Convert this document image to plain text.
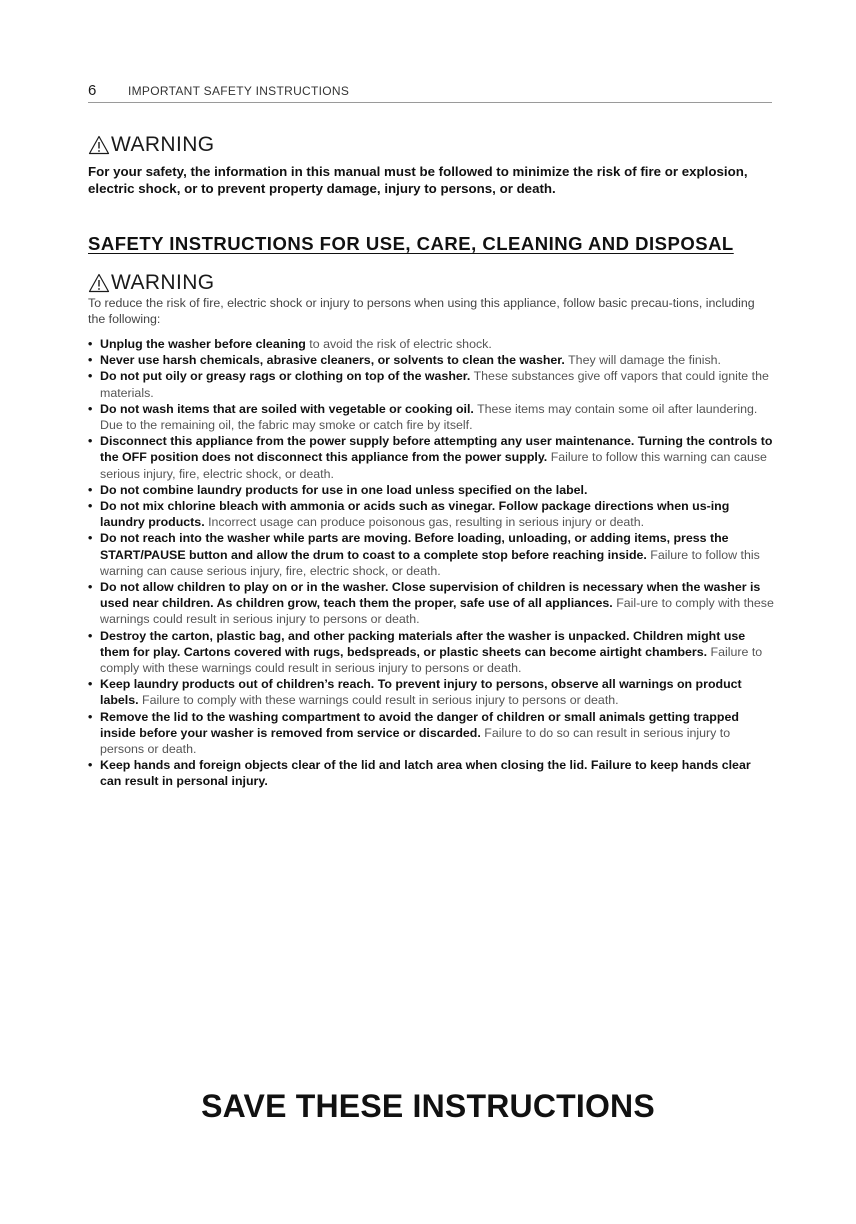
6	IMPORTANT SAFETY INSTRUCTIONS
WARNING
For your safety, the information in this manual must be followed to minimize the risk of fire or explosion, electric shock, or to prevent property damage, injury to persons, or death.
SAFETY INSTRUCTIONS FOR USE, CARE, CLEANING AND DISPOSAL
WARNING
To reduce the risk of fire, electric shock or injury to persons when using this appliance, follow basic precau-tions, including the following:
• Unplug the washer before cleaning to avoid the risk of electric shock.
• Never use harsh chemicals, abrasive cleaners, or solvents to clean the washer. They will damage the finish.
• Do not put oily or greasy rags or clothing on top of the washer. These substances give off vapors that could ignite the materials.
• Do not wash items that are soiled with vegetable or cooking oil. These items may contain some oil after laundering. Due to the remaining oil, the fabric may smoke or catch fire by itself.
• Disconnect this appliance from the power supply before attempting any user maintenance. Turning the controls to the OFF position does not disconnect this appliance from the power supply. Failure to follow this warning can cause serious injury, fire, electric shock, or death.
• Do not combine laundry products for use in one load unless specified on the label.
• Do not mix chlorine bleach with ammonia or acids such as vinegar. Follow package directions when us-ing laundry products. Incorrect usage can produce poisonous gas, resulting in serious injury or death.
• Do not reach into the washer while parts are moving. Before loading, unloading, or adding items, press the START/PAUSE button and allow the drum to coast to a complete stop before reaching inside. Failure to follow this warning can cause serious injury, fire, electric shock, or death.
• Do not allow children to play on or in the washer. Close supervision of children is necessary when the washer is used near children. As children grow, teach them the proper, safe use of all appliances. Fail-ure to comply with these warnings could result in serious injury to persons or death.
• Destroy the carton, plastic bag, and other packing materials after the washer is unpacked. Children might use them for play. Cartons covered with rugs, bedspreads, or plastic sheets can become airtight chambers. Failure to comply with these warnings could result in serious injury to persons or death.
• Keep laundry products out of children’s reach. To prevent injury to persons, observe all warnings on product labels. Failure to comply with these warnings could result in serious injury to persons or death.
• Remove the lid to the washing compartment to avoid the danger of children or small animals getting trapped inside before your washer is removed from service or discarded. Failure to do so can result in serious injury to persons or death.
• Keep hands and foreign objects clear of the lid and latch area when closing the lid. Failure to keep hands clear can result in personal injury.
SAVE THESE INSTRUCTIONS
